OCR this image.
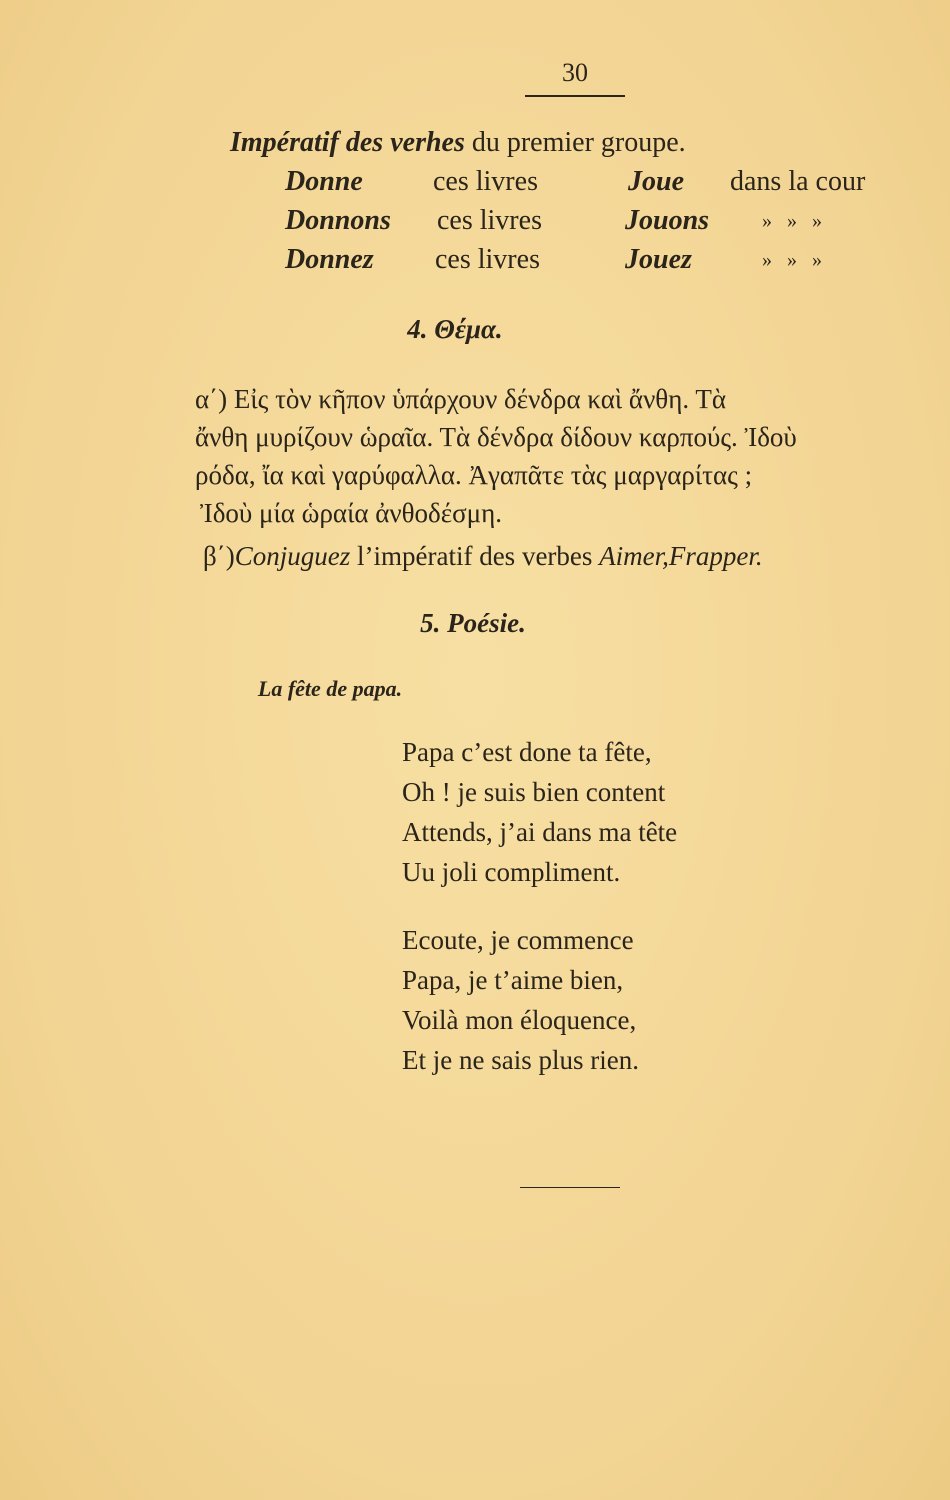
30
Impératif des verhes du premier groupe.
Donne	ces livres	Joue dans la cour
Donnons ces livres	Jouons	»   »   »
Donnez ces livres	Jouez	»   »   »
4. Θέμα.
α΄) Εἰς τὸν κῆπον ὑπάρχουν δένδρα καὶ ἄνθη. Τὰ
ἄνθη μυρίζουν ὡραῖα. Τὰ δένδρα δίδουν καρπούς. Ἰδοὺ
ρόδα, ἴα καὶ γαρύφαλλα. Ἀγαπᾶτε τὰς μαργαρίτας ;
Ἰδοὺ μία ὡραία ἀνθοδέσμη.
β΄)Conjuguez l’impératif des verbes Aimer,Frapper.
5. Poésie.
La fête de papa.
Papa c’est done ta fête,
Oh ! je suis bien content
Attends, j’ai dans ma tête
Uu joli compliment.
Ecoute, je commence
Papa, je t’aime bien,
Voilà mon éloquence,
Et je ne sais plus rien.
